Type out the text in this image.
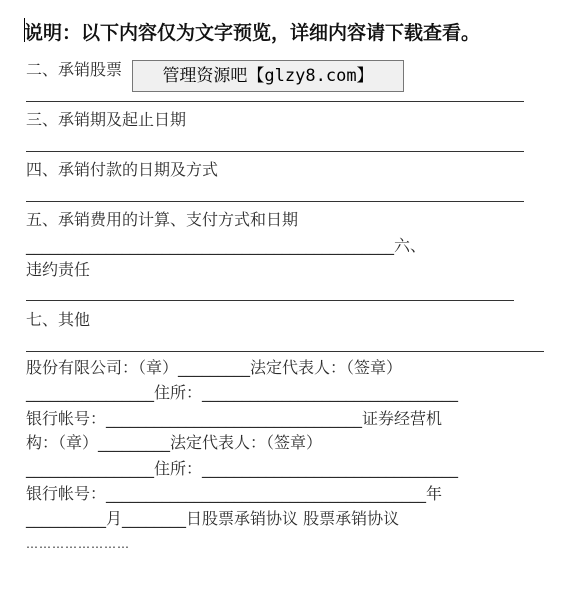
说明：以下内容仅为文字预览，详细内容请下载查看。
二、承销股票
三、承销期及起止日期
四、承销付款的日期及方式
五、承销费用的计算、支付方式和日期
______________________________________________六、
违约责任
七、其他
股份有限公司：（章）_________法定代表人：（签章）
________________住所：________________________________
银行帐号：________________________________证券经营机
构：（章）_________法定代表人：（签章）
________________住所：________________________________
银行帐号：________________________________________年
__________月________日股票承销协议 股票承销协议
……………………
管理资源吧【glzy8.com】
